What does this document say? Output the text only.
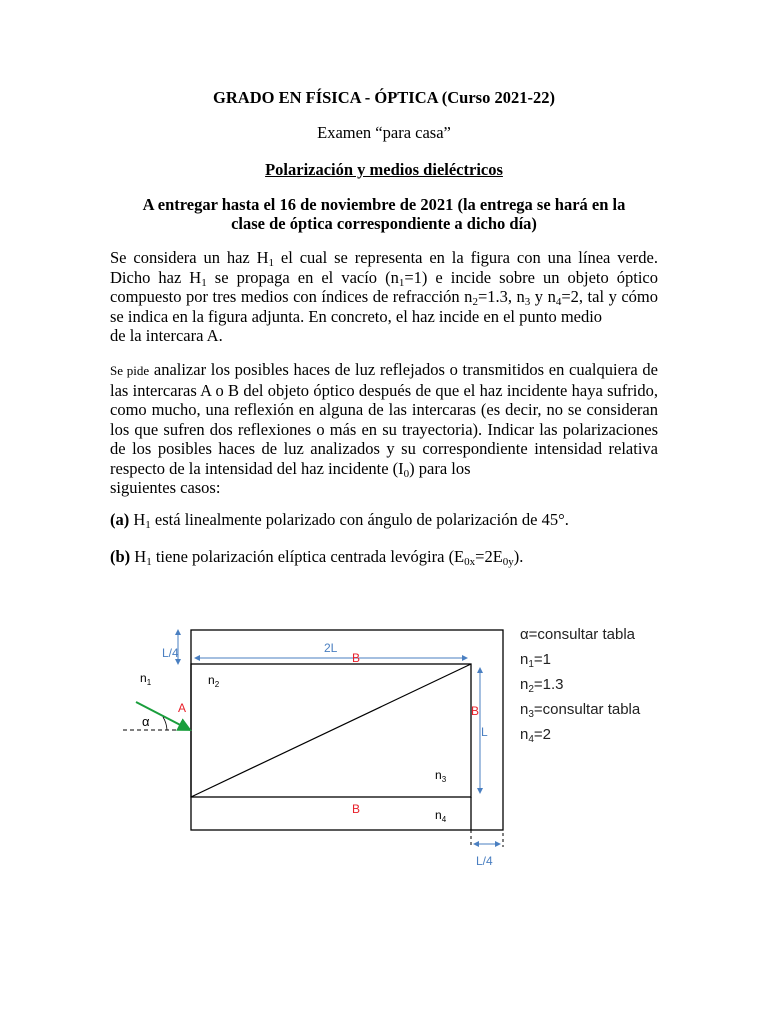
GRADO EN FÍSICA - ÓPTICA (Curso 2021-22)
Examen “para casa”
Polarización y medios dieléctricos
A entregar hasta el 16 de noviembre de 2021 (la entrega se hará en la
clase de óptica correspondiente a dicho día)
Se considera un haz $H_1$ el cual se representa en la figura con una línea verde. Dicho haz $H_1$ se propaga en el vacío $(n_1=1)$ e incide sobre un objeto óptico compuesto por tres medios con índices de refracción $n_2=1.3$, $n_3$ y $n_4=2$, tal y cómo se indica en la figura adjunta. En concreto, el haz incide en el punto medio
de la intercara A.
Se pide analizar los posibles haces de luz reflejados o transmitidos en cualquiera de las intercaras A o B del objeto óptico después de que el haz incidente haya sufrido, como mucho, una reflexión en alguna de las intercaras (es decir, no se consideran los que sufren dos reflexiones o más en su trayectoria). Indicar las polarizaciones de los posibles haces de luz analizados y su correspondiente intensidad relativa respecto de la intensidad del haz incidente $(I_0)$ para los
siguientes casos:
(a) $H_1$ está linealmente polarizado con ángulo de polarización de 45°.
(b) $H_1$ tiene polarización elíptica centrada levógira $(E_{0x}=2E_{0y})$.
L/4	2L
L
L/4
B
B
B
A
α
$n_1$	$n_2$
$n_3$
$n_4$
α=consultar tabla
$n_1=1$
$n_2=1.3$
$n_3=consultar$ tabla
$n_4=2$
